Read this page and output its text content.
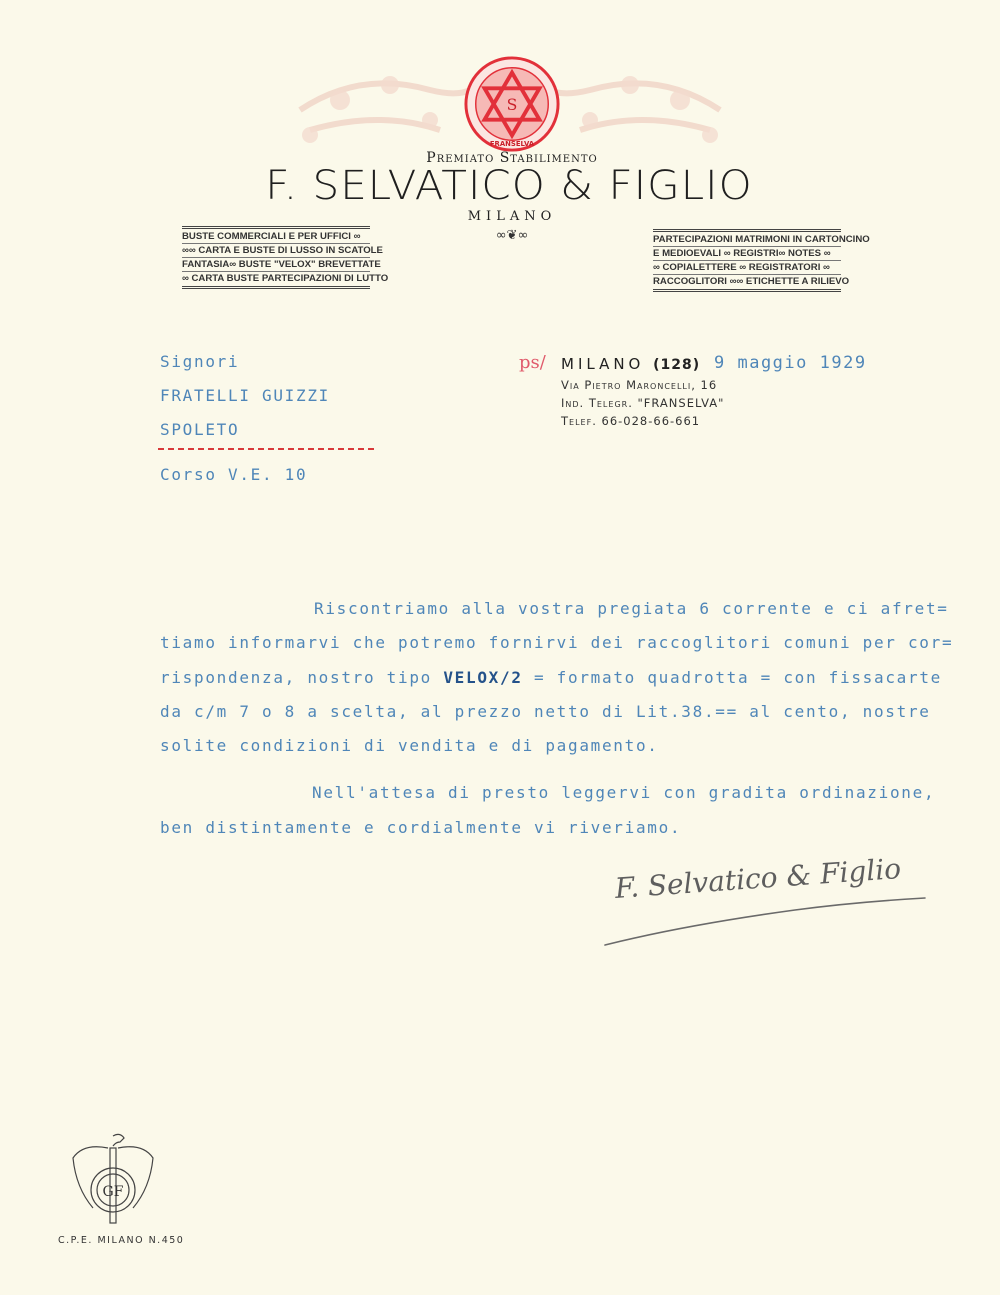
S
FRANSELVA
Premiato Stabilimento
F. SELVATICO & FIGLIO
MILANO
∞❦∞
BUSTE COMMERCIALI E PER UFFICI ∞
∞∞ CARTA E BUSTE DI LUSSO IN SCATOLE
FANTASIA∞ BUSTE "VELOX" BREVETTATE
∞ CARTA BUSTE PARTECIPAZIONI DI LUTTO
PARTECIPAZIONI MATRIMONI IN CARTONCINO
E MEDIOEVALI ∞ REGISTRI∞ NOTES ∞
∞ COPIALETTERE ∞ REGISTRATORI ∞
RACCOGLITORI ∞∞ ETICHETTE A RILIEVO
Signori
FRATELLI GUIZZI
SPOLETO
Corso V.E. 10
ps/ MILANO (128) 9 maggio 1929
Via Pietro Maroncelli, 16
Ind. Telegr. "FRANSELVA"
Telef. 66-028-66-661
Riscontriamo alla vostra pregiata 6 corrente e ci afret=
tiamo informarvi che potremo fornirvi dei raccoglitori comuni per cor=
rispondenza, nostro tipo VELOX/2 = formato quadrotta = con fissacarte
da c/m 7 o 8 a scelta, al prezzo netto di Lit.38.== al cento, nostre
solite condizioni di vendita e di pagamento.
Nell'attesa di presto leggervi con gradita ordinazione,
ben distintamente e cordialmente vi riveriamo.
F. Selvatico & Figlio
GF
C.P.E. MILANO N.450
